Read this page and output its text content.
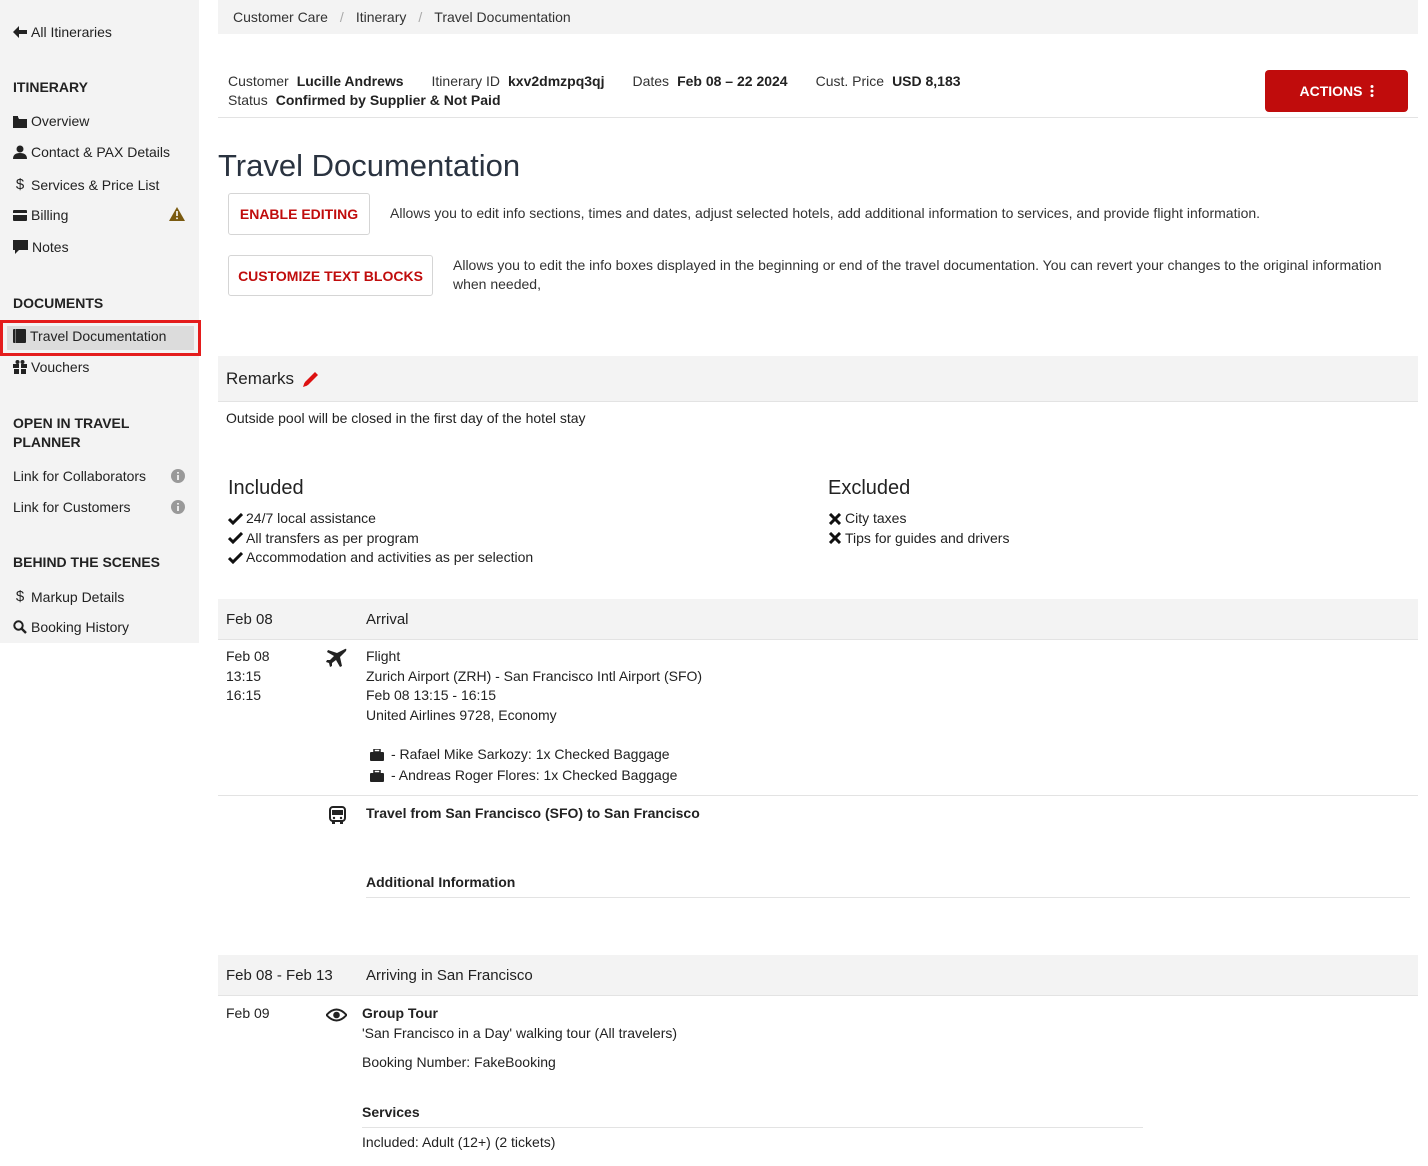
All Itineraries
ITINERARY
Overview
Contact & PAX Details
$ Services & Price List
Billing
Notes
DOCUMENTS
Travel Documentation
Vouchers
OPEN IN TRAVEL
PLANNER
Link for Collaborators
Link for Customers
BEHIND THE SCENES
$ Markup Details
Booking History
Customer Care / Itinerary / Travel Documentation
Customer Lucille Andrews Itinerary ID kxv2dmzpq3qj Dates Feb 08 – 22 2024 Cust. Price USD 8,183
Status Confirmed by Supplier & Not Paid
ACTIONS
Travel Documentation
ENABLE EDITING	Allows you to edit info sections, times and dates, adjust selected hotels, add additional information to services, and provide flight information.
CUSTOMIZE TEXT BLOCKS
Allows you to edit the info boxes displayed in the beginning or end of the travel documentation. You can revert your changes to the original information when needed,
Remarks
Outside pool will be closed in the first day of the hotel stay
Included
24/7 local assistance
All transfers as per program
Accommodation and activities as per selection
Excluded
City taxes
Tips for guides and drivers
Feb 08	Arrival
Feb 08
13:15
16:15
Flight
Zurich Airport (ZRH) - San Francisco Intl Airport (SFO)
Feb 08 13:15 - 16:15
United Airlines 9728, Economy
- Rafael Mike Sarkozy: 1x Checked Baggage
- Andreas Roger Flores: 1x Checked Baggage
Travel from San Francisco (SFO) to San Francisco
Additional Information
Feb 08 - Feb 13 Arriving in San Francisco
Feb 09	Group Tour
'San Francisco in a Day' walking tour (All travelers)
Booking Number: FakeBooking
Services
Included: Adult (12+) (2 tickets)
